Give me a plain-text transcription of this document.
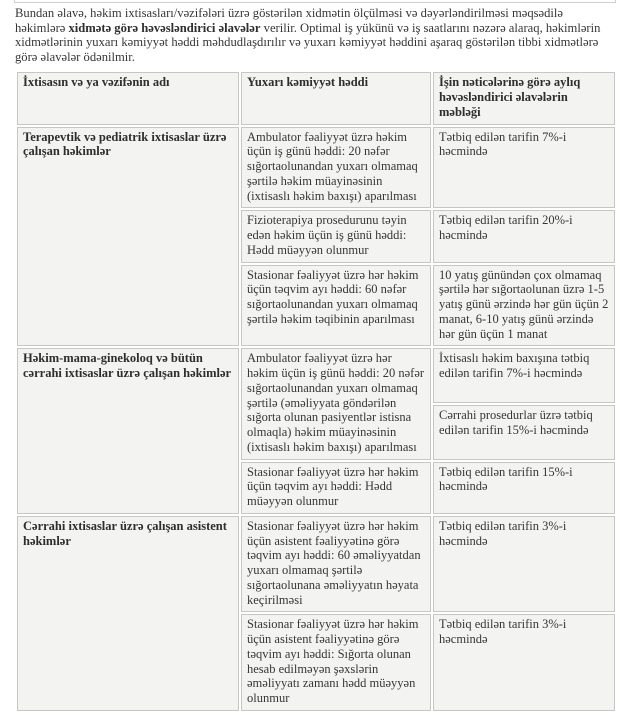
Bundan əlavə, həkim ixtisasları/vəzifələri üzrə göstərilən xidmətin ölçülməsi və dəyərləndirilməsi məqsədilə həkimlərə xidmətə görə həvəsləndirici əlavələr verilir. Optimal iş yükünü və iş saatlarını nəzərə alaraq, həkimlərin xidmətlərinin yuxarı kəmiyyət həddi məhdudlaşdırılır və yuxarı kəmiyyət həddini aşaraq göstərilən tibbi xidmətlərə görə əlavələr ödənilmir.

İxtisasın və ya vəzifənin adı	Yuxarı kəmiyyət həddi	İşin nəticələrinə görə aylıq həvəsləndirici əlavələrin məbləği
Terapevtik və pediatrik ixtisaslar üzrə çalışan həkimlər	Ambulator fəaliyyət üzrə həkim üçün iş günü həddi: 20 nəfər sığortaolunandan yuxarı olmamaq şərtilə həkim müayinəsinin (ixtisaslı həkim baxışı) aparılması	Tətbiq edilən tarifin 7%-i həcmində
	Fizioterapiya prosedurunu təyin edən həkim üçün iş günü həddi: Hədd müəyyən olunmur	Tətbiq edilən tarifin 20%-i həcmində
	Stasionar fəaliyyət üzrə hər həkim üçün təqvim ayı həddi: 60 nəfər sığortaolunandan yuxarı olmamaq şərtilə həkim təqibinin aparılması	10 yatış günündən çox olmamaq şərtilə hər sığortaolunan üzrə 1-5 yatış günü ərzində hər gün üçün 2 manat, 6-10 yatış günü ərzində hər gün üçün 1 manat
Həkim-mama-ginekoloq və bütün cərrahi ixtisaslar üzrə çalışan həkimlər	Ambulator fəaliyyət üzrə hər həkim üçün iş günü həddi: 20 nəfər sığortaolunandan yuxarı olmamaq şərtilə (əməliyyata göndərilən sığorta olunan pasiyentlər istisna olmaqla) həkim müayinəsinin (ixtisaslı həkim baxışı) aparılması	İxtisaslı həkim baxışına tətbiq edilən tarifin 7%-i həcmində
		Cərrahi prosedurlar üzrə tətbiq edilən tarifin 15%-i həcmində
	Stasionar fəaliyyət üzrə hər həkim üçün təqvim ayı həddi: Hədd müəyyən olunmur	Tətbiq edilən tarifin 15%-i həcmində
Cərrahi ixtisaslar üzrə çalışan asistent həkimlər	Stasionar fəaliyyət üzrə hər həkim üçün asistent fəaliyyətinə görə təqvim ayı həddi: 60 əməliyyatdan yuxarı olmamaq şərtilə sığortaolunana əməliyyatın həyata keçirilməsi	Tətbiq edilən tarifin 3%-i həcmində
	Stasionar fəaliyyət üzrə hər həkim üçün asistent fəaliyyətinə görə təqvim ayı həddi: Sığorta olunan hesab edilməyən şəxslərin əməliyyatı zamanı hədd müəyyən olunmur	Tətbiq edilən tarifin 3%-i həcmində
